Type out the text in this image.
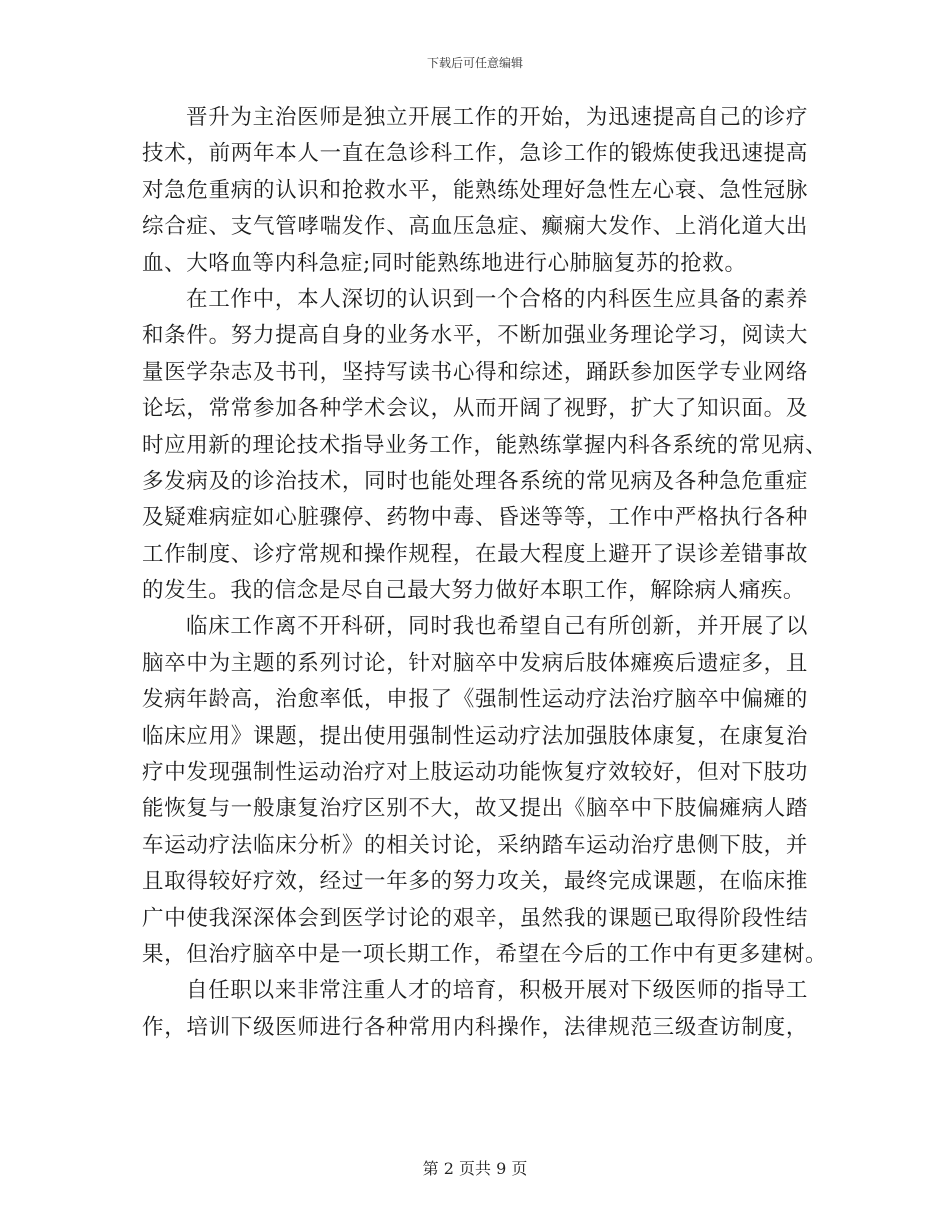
下载后可任意编辑
晋升为主治医师是独立开展工作的开始，为迅速提高自己的诊疗
技术，前两年本人一直在急诊科工作，急诊工作的锻炼使我迅速提高
对急危重病的认识和抢救水平，能熟练处理好急性左心衰、急性冠脉
综合症、支气管哮喘发作、高血压急症、癫痫大发作、上消化道大出
血、大咯血等内科急症;同时能熟练地进行心肺脑复苏的抢救。
在工作中，本人深切的认识到一个合格的内科医生应具备的素养
和条件。努力提高自身的业务水平，不断加强业务理论学习，阅读大
量医学杂志及书刊，坚持写读书心得和综述，踊跃参加医学专业网络
论坛，常常参加各种学术会议，从而开阔了视野，扩大了知识面。及
时应用新的理论技术指导业务工作，能熟练掌握内科各系统的常见病、
多发病及的诊治技术，同时也能处理各系统的常见病及各种急危重症
及疑难病症如心脏骤停、药物中毒、昏迷等等，工作中严格执行各种
工作制度、诊疗常规和操作规程，在最大程度上避开了误诊差错事故
的发生。我的信念是尽自己最大努力做好本职工作，解除病人痛疾。
临床工作离不开科研，同时我也希望自己有所创新，并开展了以
脑卒中为主题的系列讨论，针对脑卒中发病后肢体瘫痪后遗症多，且
发病年龄高，治愈率低，申报了《强制性运动疗法治疗脑卒中偏瘫的
临床应用》课题，提出使用强制性运动疗法加强肢体康复，在康复治
疗中发现强制性运动治疗对上肢运动功能恢复疗效较好，但对下肢功
能恢复与一般康复治疗区别不大，故又提出《脑卒中下肢偏瘫病人踏
车运动疗法临床分析》的相关讨论，采纳踏车运动治疗患侧下肢，并
且取得较好疗效，经过一年多的努力攻关，最终完成课题，在临床推
广中使我深深体会到医学讨论的艰辛，虽然我的课题已取得阶段性结
果，但治疗脑卒中是一项长期工作，希望在今后的工作中有更多建树。
自任职以来非常注重人才的培育，积极开展对下级医师的指导工
作，培训下级医师进行各种常用内科操作，法律规范三级查访制度，
第 2 页共 9 页
